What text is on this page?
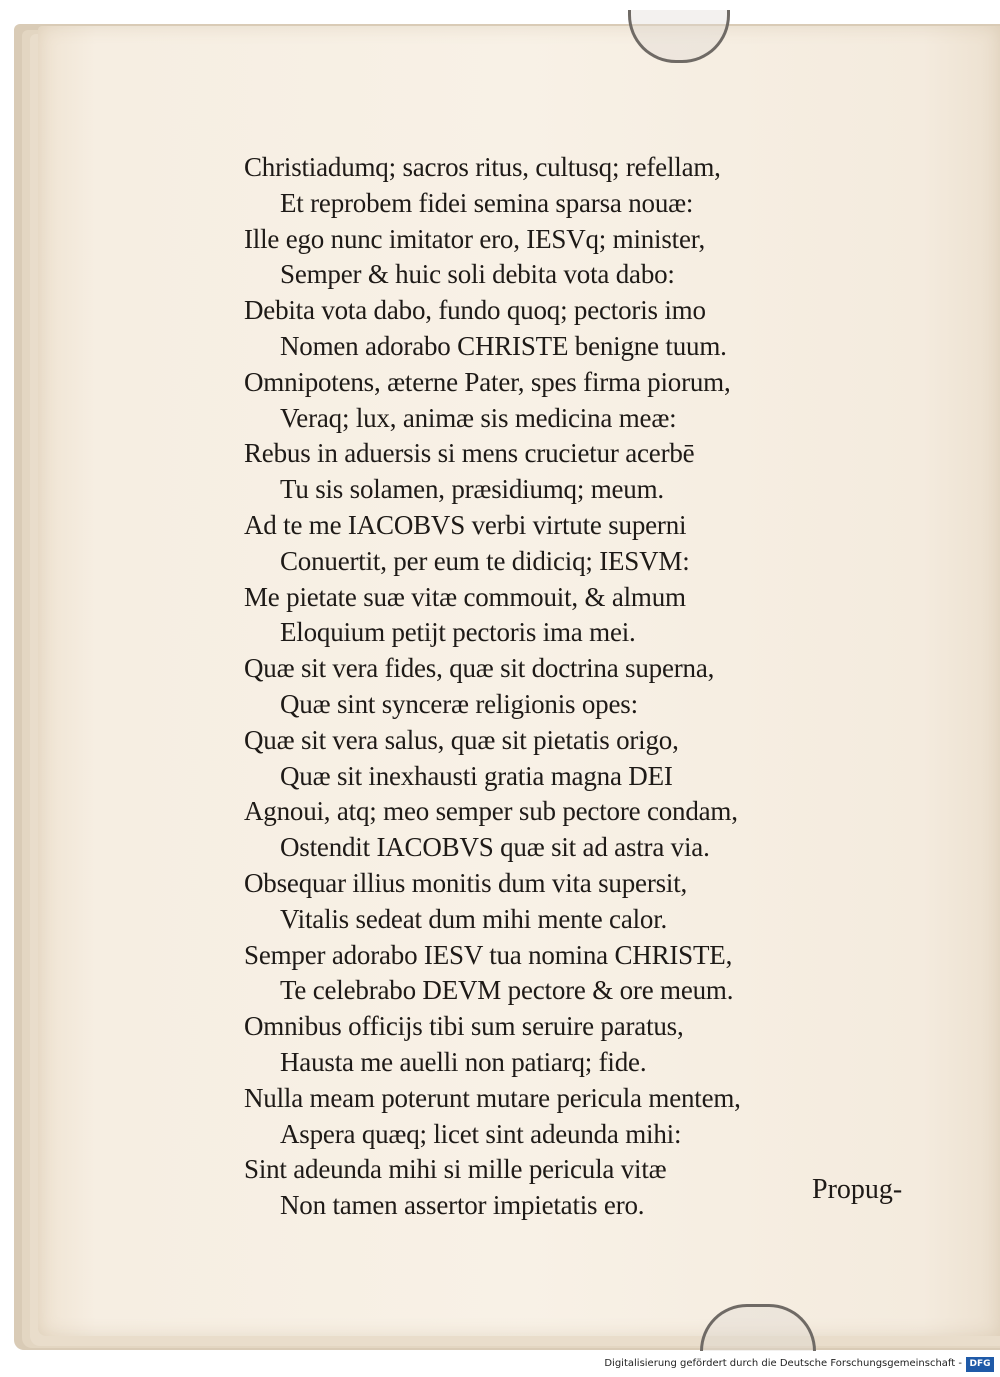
Christiadumq; sacros ritus, cultusq; refellam,
Et reprobem fidei semina sparsa nouæ:
Ille ego nunc imitator ero, IESVq; minister,
Semper & huic soli debita vota dabo:
Debita vota dabo, fundo quoq; pectoris imo
Nomen adorabo CHRISTE benigne tuum.
Omnipotens, æterne Pater, spes firma piorum,
Veraq; lux, animæ sis medicina meæ:
Rebus in aduersis si mens crucietur acerbē
Tu sis solamen, præsidiumq; meum.
Ad te me IACOBVS verbi virtute superni
Conuertit, per eum te didiciq; IESVM:
Me pietate suæ vitæ commouit, & almum
Eloquium petijt pectoris ima mei.
Quæ sit vera fides, quæ sit doctrina superna,
Quæ sint synceræ religionis opes:
Quæ sit vera salus, quæ sit pietatis origo,
Quæ sit inexhausti gratia magna DEI
Agnoui, atq; meo semper sub pectore condam,
Ostendit IACOBVS quæ sit ad astra via.
Obsequar illius monitis dum vita supersit,
Vitalis sedeat dum mihi mente calor.
Semper adorabo IESV tua nomina CHRISTE,
Te celebrabo DEVM pectore & ore meum.
Omnibus officijs tibi sum seruire paratus,
Hausta me auelli non patiarq; fide.
Nulla meam poterunt mutare pericula mentem,
Aspera quæq; licet sint adeunda mihi:
Sint adeunda mihi si mille pericula vitæ
Non tamen assertor impietatis ero.
Propug-
Digitalisierung gefördert durch die Deutsche Forschungsgemeinschaft - DFG
